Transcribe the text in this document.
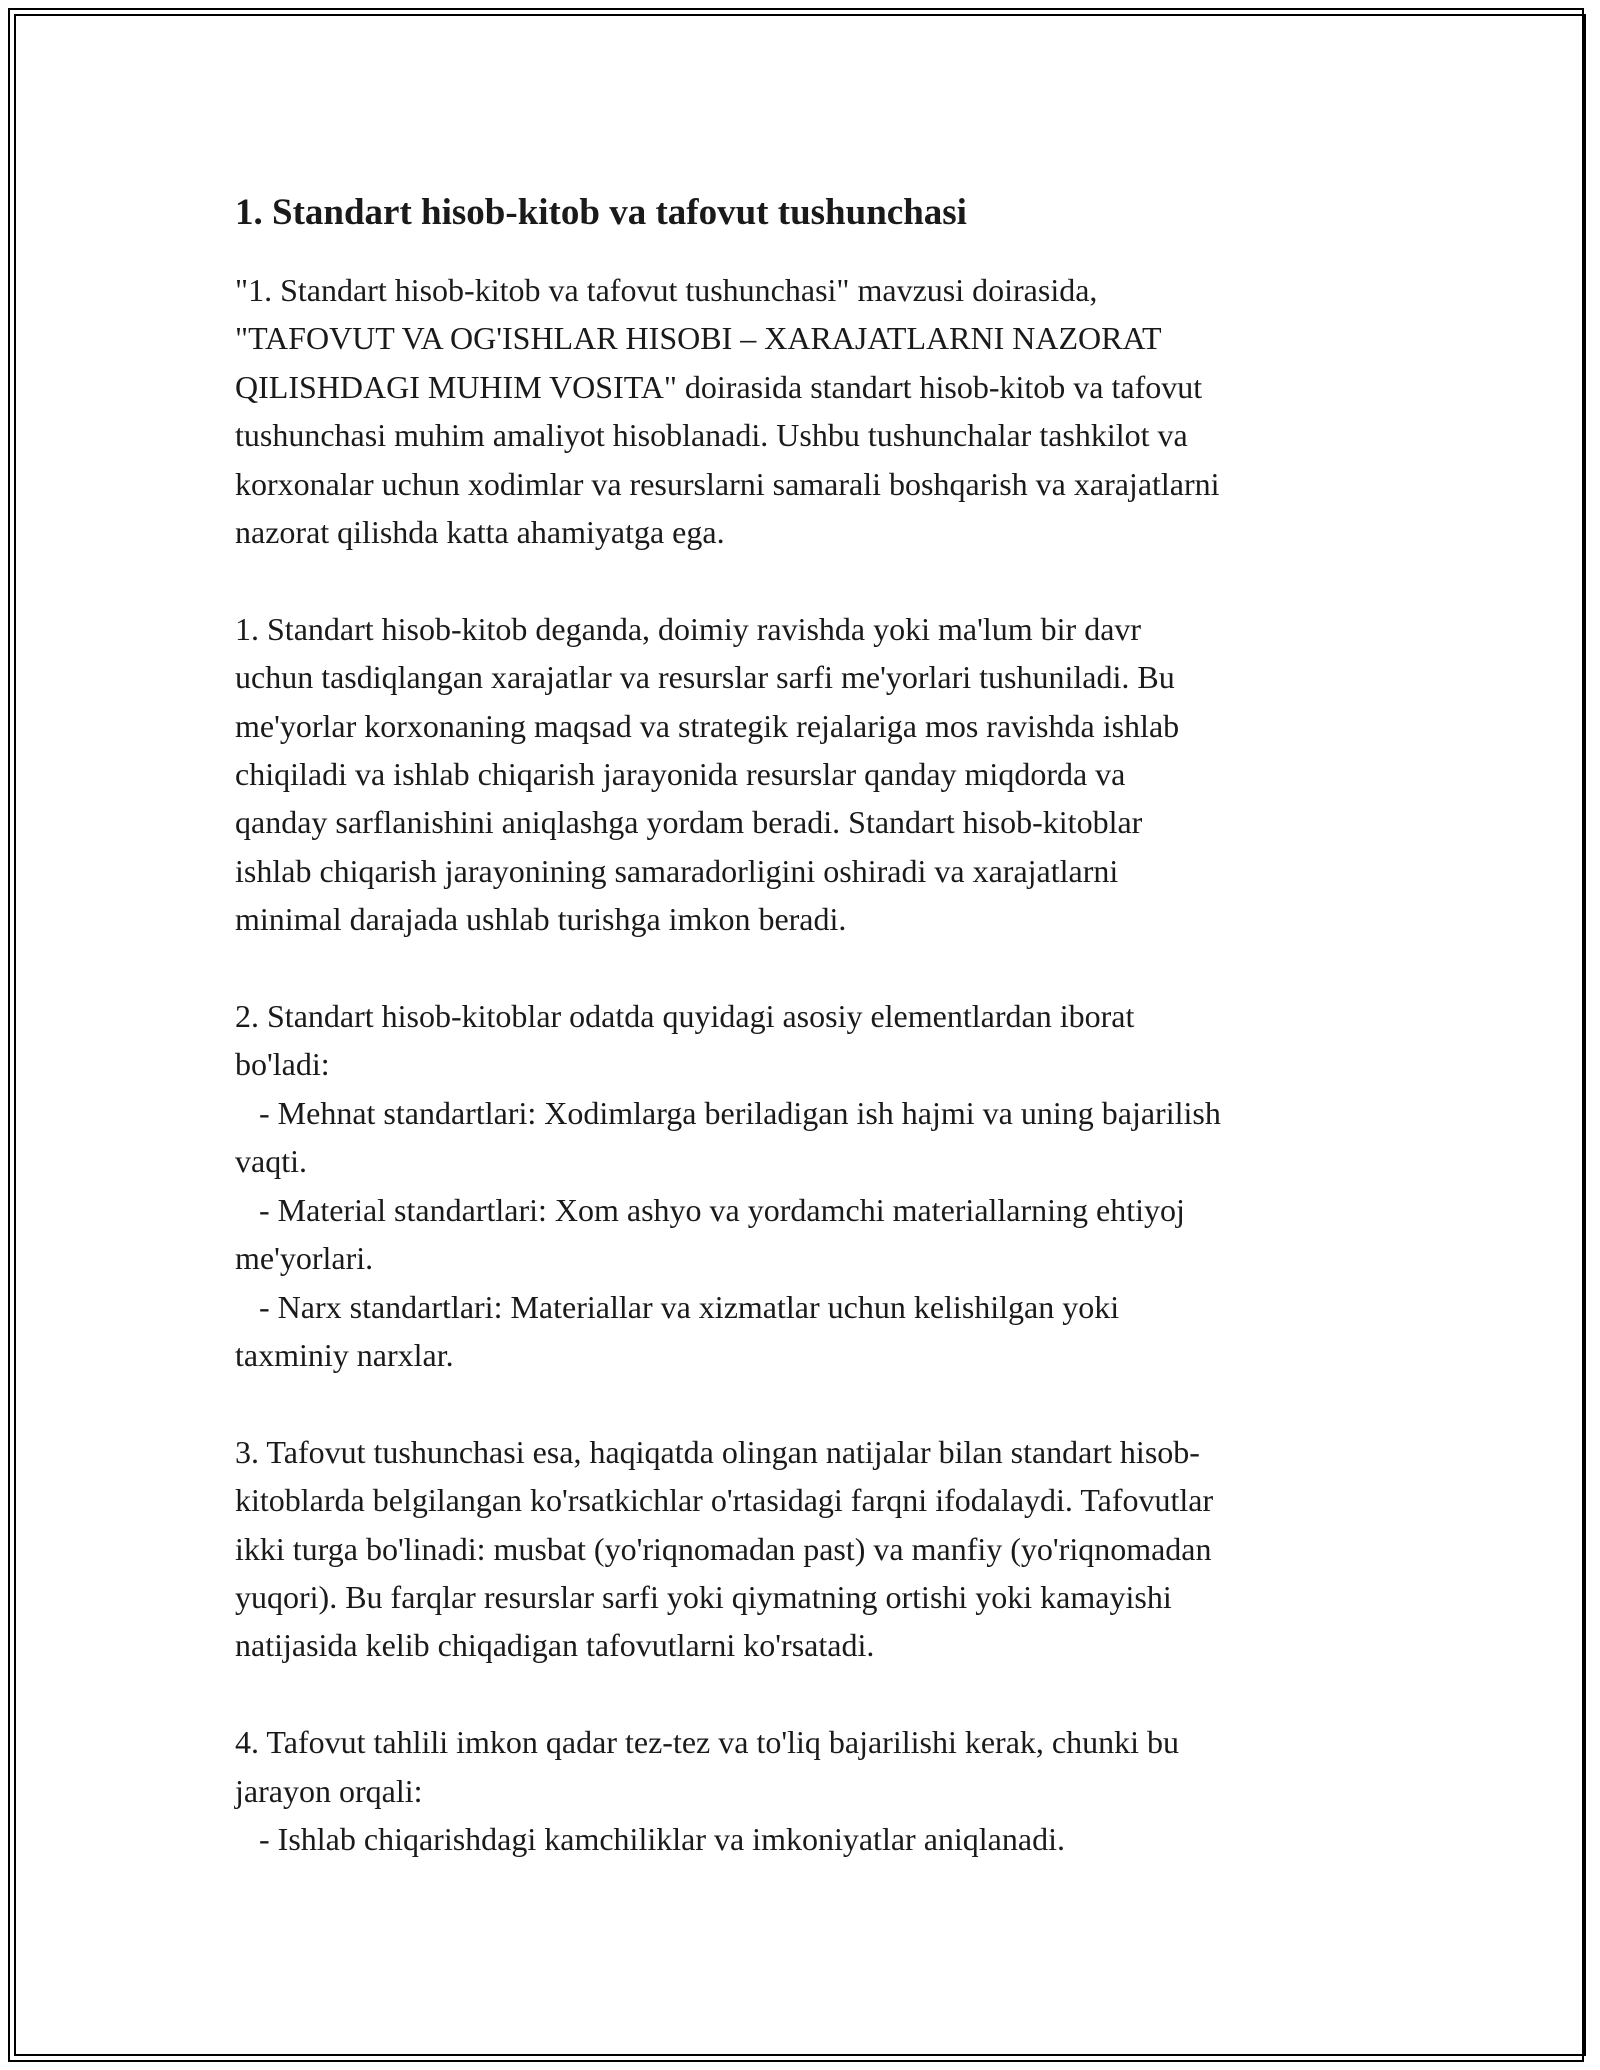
1. Standart hisob-kitob va tafovut tushunchasi
"1. Standart hisob-kitob va tafovut tushunchasi" mavzusi doirasida,
"TAFOVUT VA OG'ISHLAR HISOBI – XARAJATLARNI NAZORAT
QILISHDAGI MUHIM VOSITA" doirasida standart hisob-kitob va tafovut
tushunchasi muhim amaliyot hisoblanadi. Ushbu tushunchalar tashkilot va
korxonalar uchun xodimlar va resurslarni samarali boshqarish va xarajatlarni
nazorat qilishda katta ahamiyatga ega.
1. Standart hisob-kitob deganda, doimiy ravishda yoki ma'lum bir davr
uchun tasdiqlangan xarajatlar va resurslar sarfi me'yorlari tushuniladi. Bu
me'yorlar korxonaning maqsad va strategik rejalariga mos ravishda ishlab
chiqiladi va ishlab chiqarish jarayonida resurslar qanday miqdorda va
qanday sarflanishini aniqlashga yordam beradi. Standart hisob-kitoblar
ishlab chiqarish jarayonining samaradorligini oshiradi va xarajatlarni
minimal darajada ushlab turishga imkon beradi.
2. Standart hisob-kitoblar odatda quyidagi asosiy elementlardan iborat
bo'ladi:
- Mehnat standartlari: Xodimlarga beriladigan ish hajmi va uning bajarilish
vaqti.
- Material standartlari: Xom ashyo va yordamchi materiallarning ehtiyoj
me'yorlari.
- Narx standartlari: Materiallar va xizmatlar uchun kelishilgan yoki
taxminiy narxlar.
3. Tafovut tushunchasi esa, haqiqatda olingan natijalar bilan standart hisob-
kitoblarda belgilangan ko'rsatkichlar o'rtasidagi farqni ifodalaydi. Tafovutlar
ikki turga bo'linadi: musbat (yo'riqnomadan past) va manfiy (yo'riqnomadan
yuqori). Bu farqlar resurslar sarfi yoki qiymatning ortishi yoki kamayishi
natijasida kelib chiqadigan tafovutlarni ko'rsatadi.
4. Tafovut tahlili imkon qadar tez-tez va to'liq bajarilishi kerak, chunki bu
jarayon orqali:
- Ishlab chiqarishdagi kamchiliklar va imkoniyatlar aniqlanadi.
